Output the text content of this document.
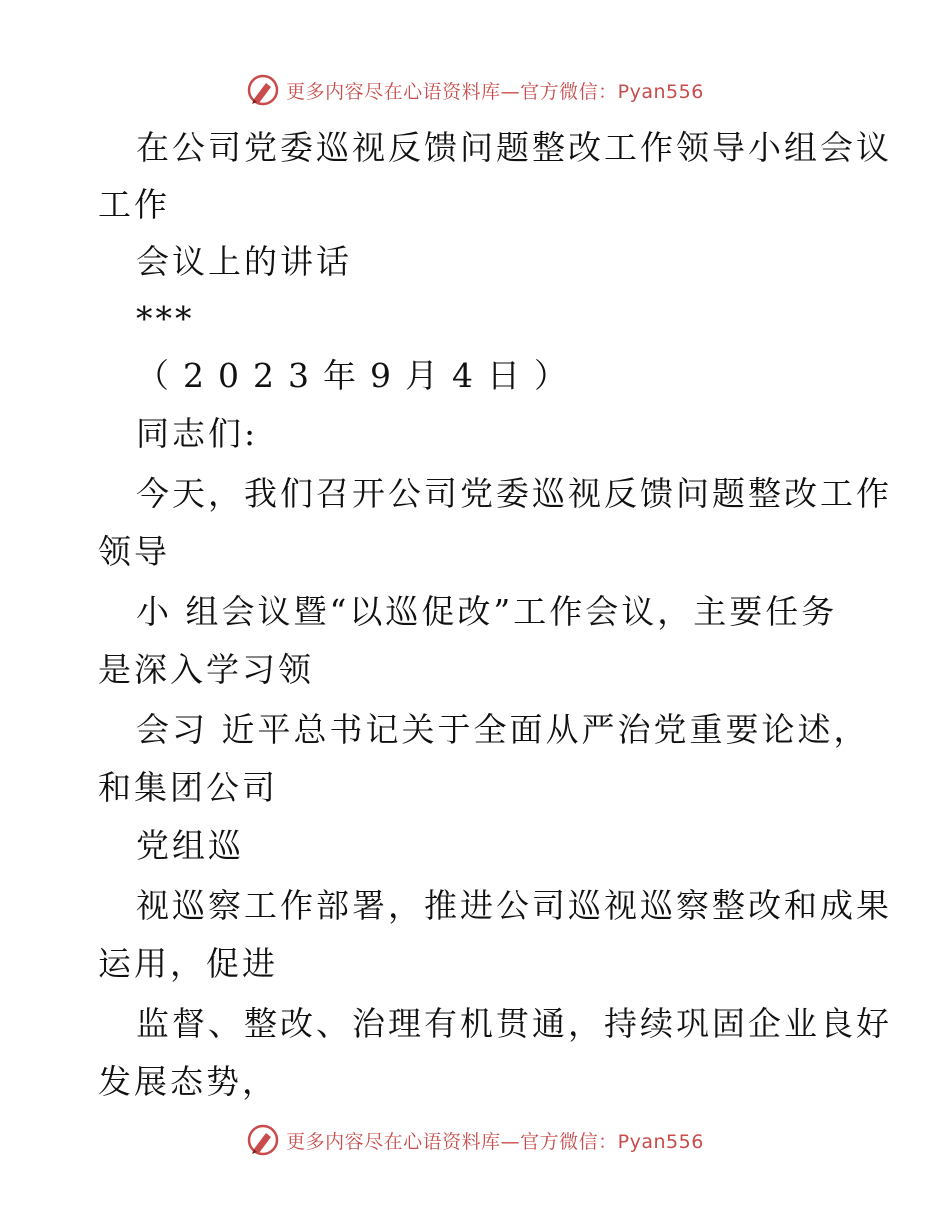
更多内容尽在心语资料库—官方微信：Pyan556
在公司党委巡视反馈问题整改工作领导小组会议
工作
会议上的讲话
***
（2023年9月4日）
同志们:
今天，我们召开公司党委巡视反馈问题整改工作
领导
小 组会议暨“以巡促改”工作会议，主要任务
是深入学习领
会习 近平总书记关于全面从严治党重要论述，
和集团公司
党组巡
视巡察工作部署，推进公司巡视巡察整改和成果
运用，促进
监督、整改、治理有机贯通，持续巩固企业良好
发展态势，
更多内容尽在心语资料库—官方微信：Pyan556
